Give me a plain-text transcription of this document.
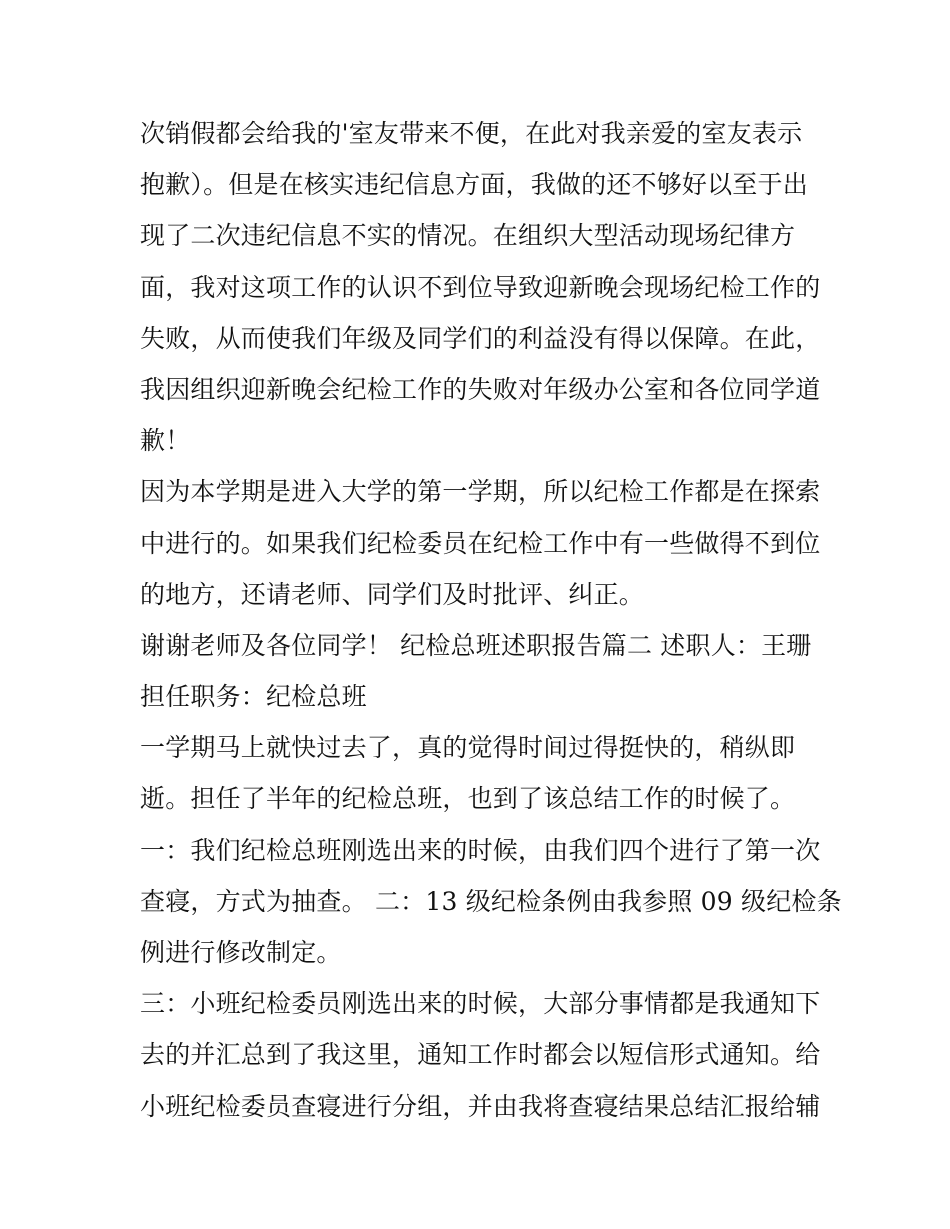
次销假都会给我的'室友带来不便，在此对我亲爱的室友表示
抱歉）。但是在核实违纪信息方面，我做的还不够好以至于出
现了二次违纪信息不实的情况。在组织大型活动现场纪律方
面，我对这项工作的认识不到位导致迎新晚会现场纪检工作的
失败，从而使我们年级及同学们的利益没有得以保障。在此，
我因组织迎新晚会纪检工作的失败对年级办公室和各位同学道
歉！
因为本学期是进入大学的第一学期，所以纪检工作都是在探索
中进行的。如果我们纪检委员在纪检工作中有一些做得不到位
的地方，还请老师、同学们及时批评、纠正。
谢谢老师及各位同学！ 纪检总班述职报告篇二 述职人：王珊
担任职务：纪检总班
一学期马上就快过去了，真的觉得时间过得挺快的，稍纵即
逝。担任了半年的纪检总班，也到了该总结工作的时候了。
一：我们纪检总班刚选出来的时候，由我们四个进行了第一次
查寝，方式为抽查。 二：13 级纪检条例由我参照 09 级纪检条
例进行修改制定。
三：小班纪检委员刚选出来的时候，大部分事情都是我通知下
去的并汇总到了我这里，通知工作时都会以短信形式通知。给
小班纪检委员查寝进行分组，并由我将查寝结果总结汇报给辅
